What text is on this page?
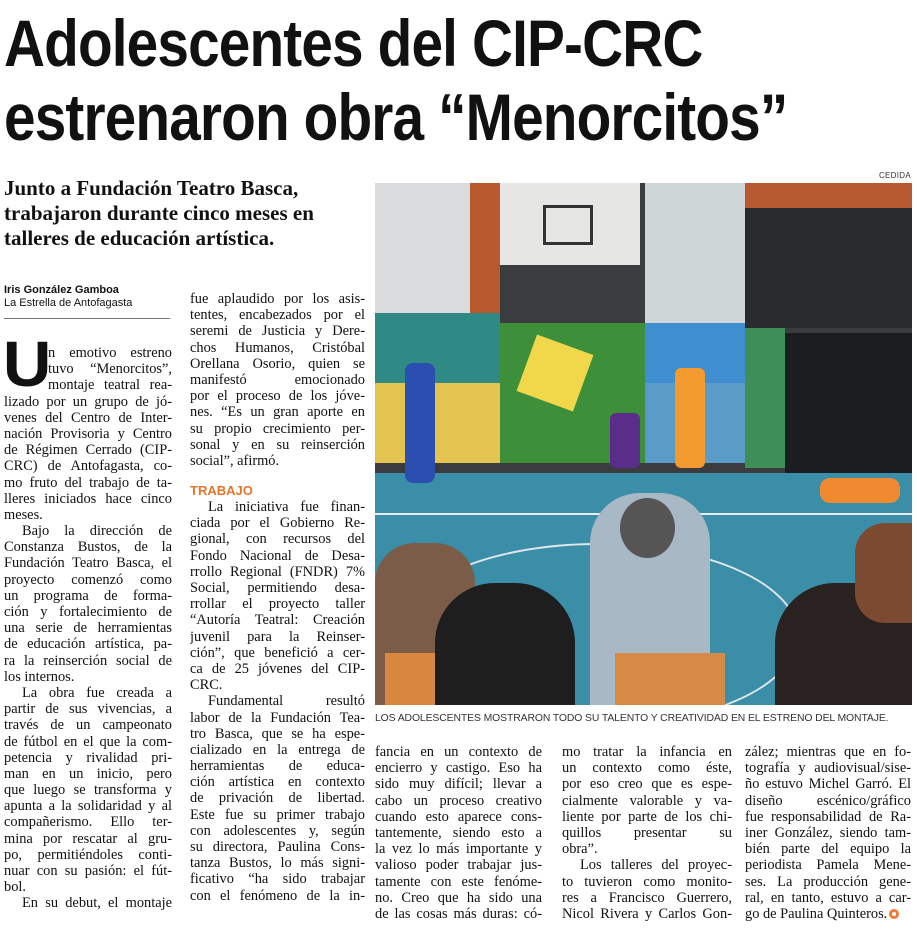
Adolescentes del CIP-CRC
estrenaron obra “Menorcitos”
Junto a Fundación Teatro Basca,
trabajaron durante cinco meses en
talleres de educación artística.
Iris González Gamboa
La Estrella de Antofagasta
U
n emotivo estreno
tuvo “Menorcitos”,
montaje teatral rea-
lizado por un grupo de jó-
venes del Centro de Inter-
nación Provisoria y Centro
de Régimen Cerrado (CIP-
CRC) de Antofagasta, co-
mo fruto del trabajo de ta-
lleres iniciados hace cinco
meses.
Bajo la dirección de
Constanza Bustos, de la
Fundación Teatro Basca, el
proyecto comenzó como
un programa de forma-
ción y fortalecimiento de
una serie de herramientas
de educación artística, pa-
ra la reinserción social de
los internos.
La obra fue creada a
partir de sus vivencias, a
través de un campeonato
de fútbol en el que la com-
petencia y rivalidad pri-
man en un inicio, pero
que luego se transforma y
apunta a la solidaridad y al
compañerismo. Ello ter-
mina por rescatar al gru-
po, permitiéndoles conti-
nuar con su pasión: el fút-
bol.
En su debut, el montaje
fue aplaudido por los asis-
tentes, encabezados por el
seremi de Justicia y Dere-
chos Humanos, Cristóbal
Orellana Osorio, quien se
manifestó emocionado
por el proceso de los jóve-
nes. “Es un gran aporte en
su propio crecimiento per-
sonal y en su reinserción
social”, afirmó.
TRABAJO
La iniciativa fue finan-
ciada por el Gobierno Re-
gional, con recursos del
Fondo Nacional de Desa-
rrollo Regional (FNDR) 7%
Social, permitiendo desa-
rrollar el proyecto taller
“Autoría Teatral: Creación
juvenil para la Reinser-
ción”, que benefició a cer-
ca de 25 jóvenes del CIP-
CRC.
Fundamental resultó
labor de la Fundación Tea-
tro Basca, que se ha espe-
cializado en la entrega de
herramientas de educa-
ción artística en contexto
de privación de libertad.
Este fue su primer trabajo
con adolescentes y, según
su directora, Paulina Cons-
tanza Bustos, lo más signi-
ficativo “ha sido trabajar
con el fenómeno de la in-
fancia en un contexto de
encierro y castigo. Eso ha
sido muy difícil; llevar a
cabo un proceso creativo
cuando esto aparece cons-
tantemente, siendo esto a
la vez lo más importante y
valioso poder trabajar jus-
tamente con este fenóme-
no. Creo que ha sido una
de las cosas más duras: có-
mo tratar la infancia en
un contexto como éste,
por eso creo que es espe-
cialmente valorable y va-
liente por parte de los chi-
quillos presentar su
obra”.
Los talleres del proyec-
to tuvieron como monito-
res a Francisco Guerrero,
Nicol Rivera y Carlos Gon-
zález; mientras que en fo-
tografía y audiovisual/sise-
ño estuvo Michel Garró. El
diseño escénico/gráfico
fue responsabilidad de Ra-
iner González, siendo tam-
bién parte del equipo la
periodista Pamela Mene-
ses. La producción gene-
ral, en tanto, estuvo a car-
go de Paulina Quinteros.
CEDIDA
LOS ADOLESCENTES MOSTRARON TODO SU TALENTO Y CREATIVIDAD EN EL ESTRENO DEL MONTAJE.
